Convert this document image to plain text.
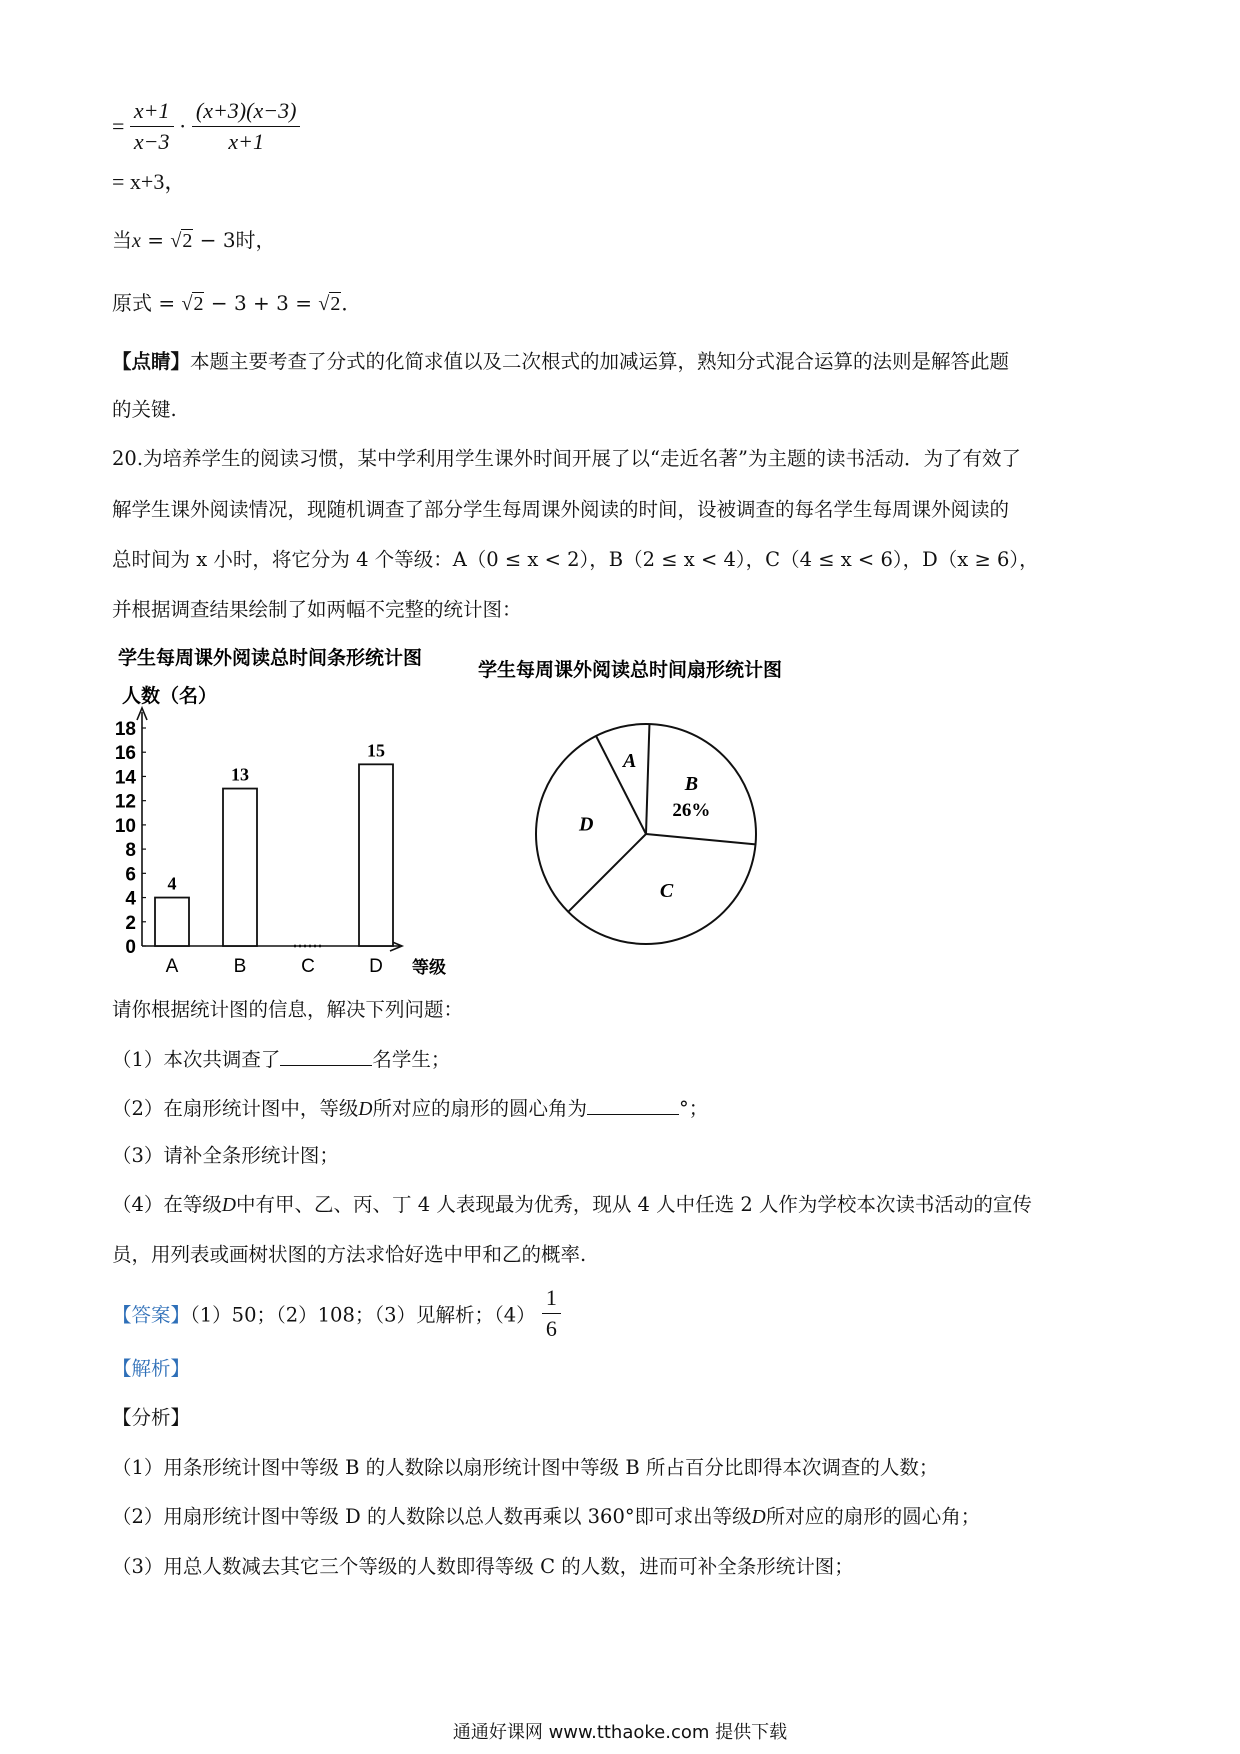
= $\frac{x+1}{x-3} \cdot \frac{(x+3)(x-3)}{x+1}$
= x+3，
当x = √2 − 3时，
原式 = √2 − 3 + 3 = √2．
【点睛】本题主要考查了分式的化简求值以及二次根式的加减运算，熟知分式混合运算的法则是解答此题
的关键.
20.为培养学生的阅读习惯，某中学利用学生课外时间开展了以“走近名著”为主题的读书活动．为了有效了
解学生课外阅读情况，现随机调查了部分学生每周课外阅读的时间，设被调查的每名学生每周课外阅读的
总时间为 x 小时，将它分为 4 个等级：A（0 ≤ x < 2），B（2 ≤ x < 4），C（4 ≤ x < 6），D（x ≥ 6），
并根据调查结果绘制了如两幅不完整的统计图：
学生每周课外阅读总时间条形统计图
人数（名）
0
2
4
6
8
10
12
14
16
18
4
A
13
B	C
15
D 等级
学生每周课外阅读总时间扇形统计图
A
B
26%
C
D
请你根据统计图的信息，解决下列问题：
（1）本次共调查了	名学生；
（2）在扇形统计图中，等级D所对应的扇形的圆心角为	°；
（3）请补全条形统计图；
（4）在等级D中有甲、乙、丙、丁 4 人表现最为优秀，现从 4 人中任选 2 人作为学校本次读书活动的宣传
员，用列表或画树状图的方法求恰好选中甲和乙的概率.
【答案】（1）50；（2）108；（3）见解析；$(4) \frac{1}{6}$
【解析】
【分析】
（1）用条形统计图中等级 B 的人数除以扇形统计图中等级 B 所占百分比即得本次调查的人数；
（2）用扇形统计图中等级 D 的人数除以总人数再乘以 360°即可求出等级D所对应的扇形的圆心角；
（3）用总人数减去其它三个等级的人数即得等级 C 的人数，进而可补全条形统计图；
通通好课网 www.tthaoke.com 提供下载
